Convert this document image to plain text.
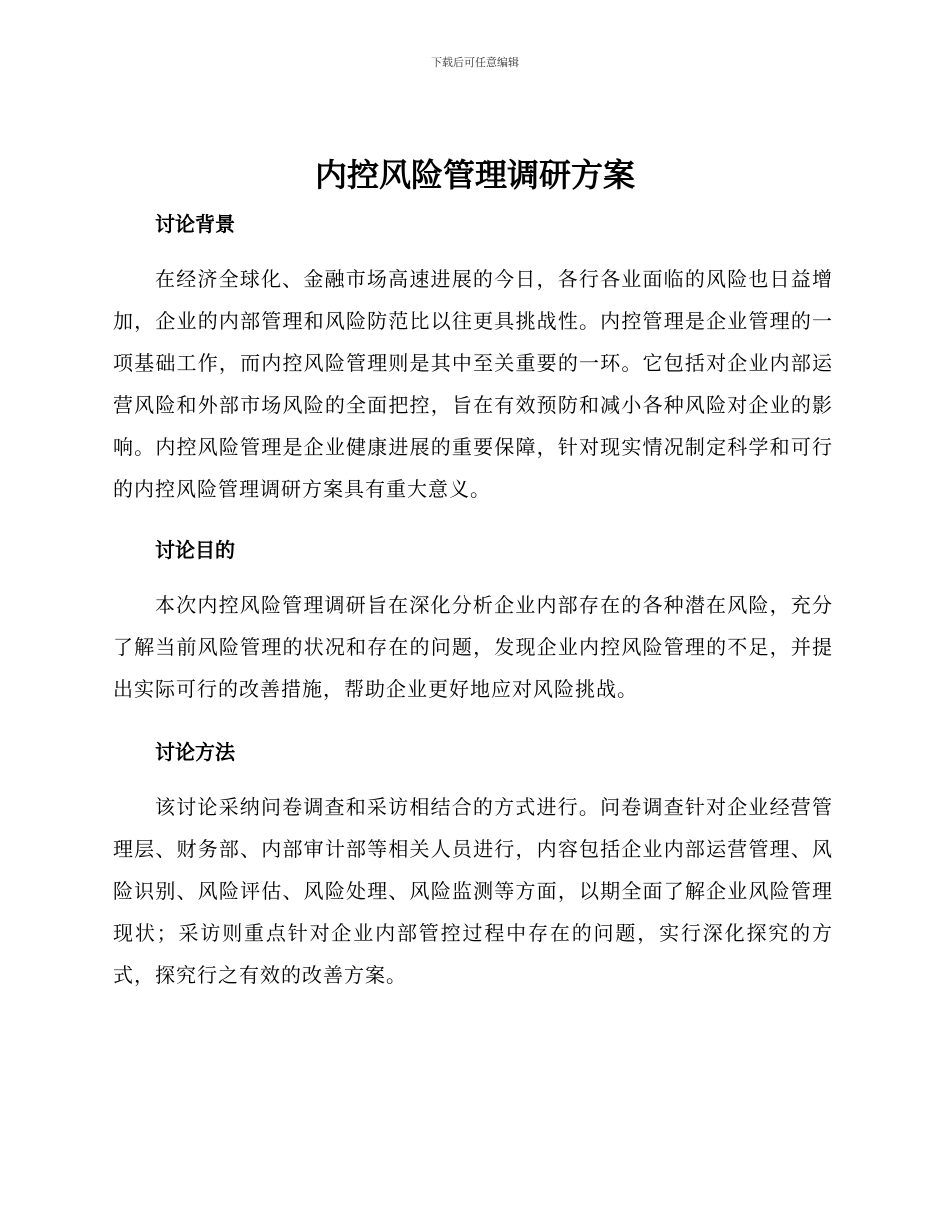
下载后可任意编辑
内控风险管理调研方案
讨论背景

在经济全球化、金融市场高速进展的今日，各行各业面临的风险也日益增加，企业的内部管理和风险防范比以往更具挑战性。内控管理是企业管理的一项基础工作，而内控风险管理则是其中至关重要的一环。它包括对企业内部运营风险和外部市场风险的全面把控，旨在有效预防和减小各种风险对企业的影响。内控风险管理是企业健康进展的重要保障，针对现实情况制定科学和可行的内控风险管理调研方案具有重大意义。

讨论目的

本次内控风险管理调研旨在深化分析企业内部存在的各种潜在风险，充分了解当前风险管理的状况和存在的问题，发现企业内控风险管理的不足，并提出实际可行的改善措施，帮助企业更好地应对风险挑战。

讨论方法

该讨论采纳问卷调查和采访相结合的方式进行。问卷调查针对企业经营管理层、财务部、内部审计部等相关人员进行，内容包括企业内部运营管理、风险识别、风险评估、风险处理、风险监测等方面，以期全面了解企业风险管理现状；采访则重点针对企业内部管控过程中存在的问题，实行深化探究的方式，探究行之有效的改善方案。
